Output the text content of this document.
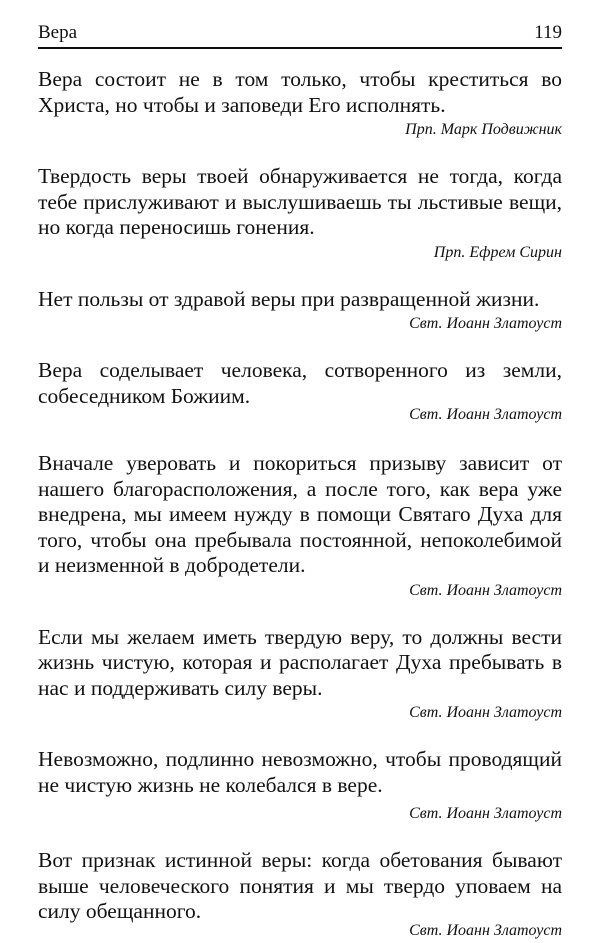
Вера	119

Вера состоит не в том только, чтобы креститься во Христа, но чтобы и заповеди Его исполнять.

Прп. Марк Подвижник

Твердость веры твоей обнаруживается не тогда, когда тебе прислуживают и выслушиваешь ты льстивые вещи, но когда переносишь гонения.

Прп. Ефрем Сирин

Нет пользы от здравой веры при развращенной жизни.

Свт. Иоанн Златоуст

Вера соделывает человека, сотворенного из земли, собеседником Божиим.

Свт. Иоанн Златоуст

Вначале уверовать и покориться призыву зависит от нашего благорасположения, а после того, как вера уже внедрена, мы имеем нужду в помощи Святаго Духа для того, чтобы она пребывала постоянной, непоколебимой и неизменной в добродетели.

Свт. Иоанн Златоуст

Если мы желаем иметь твердую веру, то должны вести жизнь чистую, которая и располагает Духа пребывать в нас и поддерживать силу веры.

Свт. Иоанн Златоуст

Невозможно, подлинно невозможно, чтобы проводящий не чистую жизнь не колебался в вере.

Свт. Иоанн Златоуст

Вот признак истинной веры: когда обетования бывают выше человеческого понятия и мы твердо уповаем на силу обещанного.

Свт. Иоанн Златоуст
